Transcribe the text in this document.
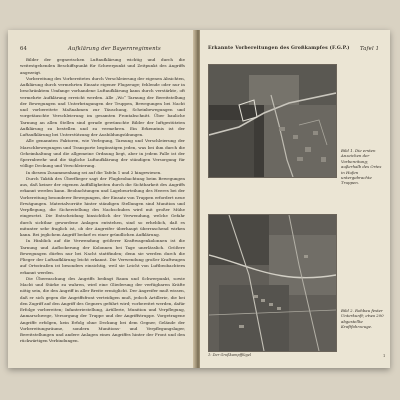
64	Aufklärung der Bayernregiments

Bilder der gegnerischen Luftaufklärung wichtig und durch die weitestgehenden Beschiffspunkt für Schwerpunkt und Zeitpunkt des Angriffs angezeigt.

Vorbereitung des Vorbereitetes durch Verschleierung der eigenen Absichten, Aufklärung durch vermehrten Einsatz eigener Flugzeuge; fehlende oder nur in beschränktem Umfange vorhandene Luftaufklärung kann durch verstärkte, oft vermehrte Aufklärung erreicht werden. Alle „Wo“ Tarnung der Bereitstellung der Bewegungen und Unterbringungen der Truppen, Bewegungen bei Nacht und vorbereitete Maßnahmen zur Täuschung, Scheinbewegungen und vorgetäuschte Verschleierung im gesamten Frontabschnitt. Über bauliche Tarnung an allen Stellen sind gerade gewünschte Bilder der luftgestützten Aufklärung zu bestellen und zu vermehren. Ein Erkenntnis ist der Luftaufklärung bei Unterstützung der Ausbildungsübungen.

Alle genannten Faktoren, wie Verlegung, Tarnung und Verschleierung der Marschbewegungen und Transporte begünstigen jeden, was bei ihm durch die Geheimhaltung und die allgemeine Ordnung liegt, aber in jedem Falle ist der Sperrabwehr und die tägliche Luftaufklärung der ständigen Versorgung für völlige Deckung und Verschleierung.

In diesem Zusammenhang sei auf die Tafeln 1 und 2 hingewiesen.

Durch Taktik des Überflieger sagt der Flugbeobachtung beim Bewegungen aus, daß keiner der eigenen Auffälligkeiten durch die Sichtbarkeit des Angriffs erkannt werden kann. Beobachtungen und Lagebeurteilung des Heeres bei der Vorbereitung besonderer Bewegungen, der Einsatz von Truppen erfordert neue Erwägungen. Materialvorräte hinter ständigen Stellungen sind Munition und Verpflegung, die Sicherstellung des Nachschubes wird mit großer Mühe eingesetzt. Die Entscheidung hinsichtlich der Verwendung, welche Gefahr durch sichtbar gewordene Anlagen entstehen, sind so erheblich, daß es mitunter sehr fraglich ist, ob der Angreifer überhaupt überraschend wirken kann. Bei jeglichem Angriff bedarf es einer gründlichen Aufklärung.

In Hinblick auf die Verwendung größerer Kraftwagenkolonnen ist die Tarnung und Auflockerung der Kolonnen bei Tage unerlässlich. Größere Bewegungen dürfen nur bei Nacht stattfinden; denn sie werden durch die Flieger der Luftaufklärung leicht erkannt. Die Verwendung großer Kraftwagen auf Ortsstraßen ist besonders einsichtig, weil sie Leicht von Luftbeobachtern erkannt werden.

Die Überraschung des Angriffs bedingt Raum und Schwerpunkt, sowie Macht und Stärke zu wahren, wird eine Gliederung der verfügbaren Kräfte nötig sein, die den Angriff in aller Breite ermöglicht. Der Angreifer muß wissen, daß er sich gegen die Angriffsfront verteidigen muß, jedoch Artillerie, die bei den Zugriff auf den Angriff des Gegners geführt wird; vorbereitet werden, dafür Erfolge vorbereiten; Infanteriestellung, Artillerie, Munition und Verpflegung, Anmarschwege, Versorgung der Truppe und der Angriffstruppe. Vorgetragene Angriffe erfolgen, kein Erfolg ohne Deckung bei dem Gegner, Gelände der Vorbereitungsräume, sondern Munitions- und Verpflegungslager, Bereitstellungen und andere Anlagen eines Angriffes hinter der Front und den rückwärtigen Verbindungen.

Erkannte Vorbereitungen des Großkampfes (F.G.P.) Tafel 1
Bild 1. Die ersten Anzeichen der Vorbereitung; außerhalb des Ortes in Hufen untergebrachte Truppen.
Bild 2. Rohbau fester Unterkunft; etwa 200 abgestellte Kraftfahrzeuge.
1: Der Großkampfflügel	1
